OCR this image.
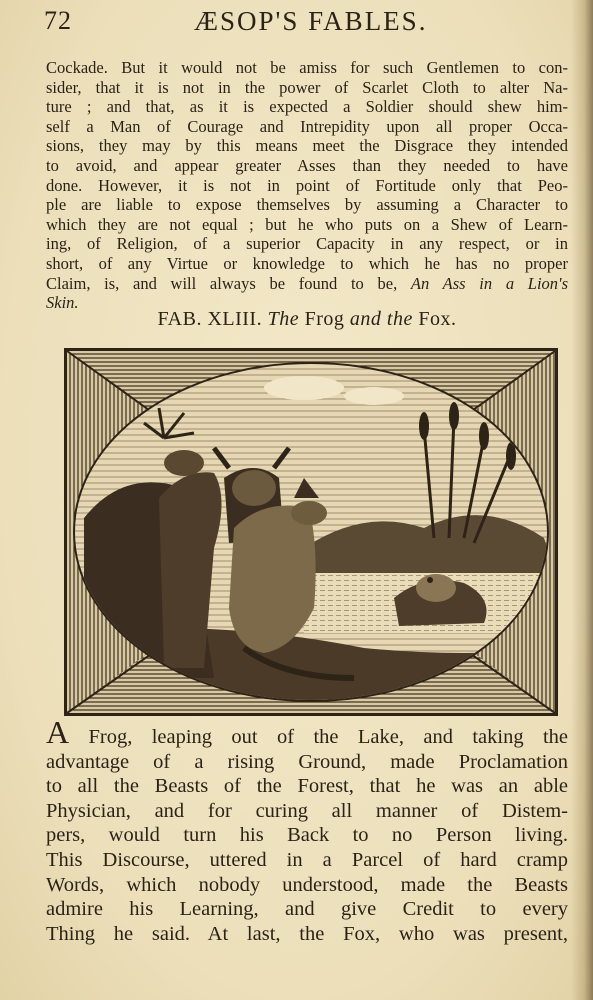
72	ÆSOP'S FABLES.
Cockade. But it would not be amiss for such Gentlemen to con-
sider, that it is not in the power of Scarlet Cloth to alter Na-
ture ; and that, as it is expected a Soldier should shew him-
self a Man of Courage and Intrepidity upon all proper Occa-
sions, they may by this means meet the Disgrace they intended
to avoid, and appear greater Asses than they needed to have
done. However, it is not in point of Fortitude only that Peo-
ple are liable to expose themselves by assuming a Character to
which they are not equal ; but he who puts on a Shew of Learn-
ing, of Religion, of a superior Capacity in any respect, or in
short, of any Virtue or knowledge to which he has no proper
Claim, is, and will always be found to be, An Ass in a Lion's
Skin.
FAB. XLIII. The Frog and the Fox.
A Frog, leaping out of the Lake, and taking the
advantage of a rising Ground, made Proclamation
to all the Beasts of the Forest, that he was an able
Physician, and for curing all manner of Distem-
pers, would turn his Back to no Person living.
This Discourse, uttered in a Parcel of hard cramp
Words, which nobody understood, made the Beasts
admire his Learning, and give Credit to every
Thing he said. At last, the Fox, who was present,
